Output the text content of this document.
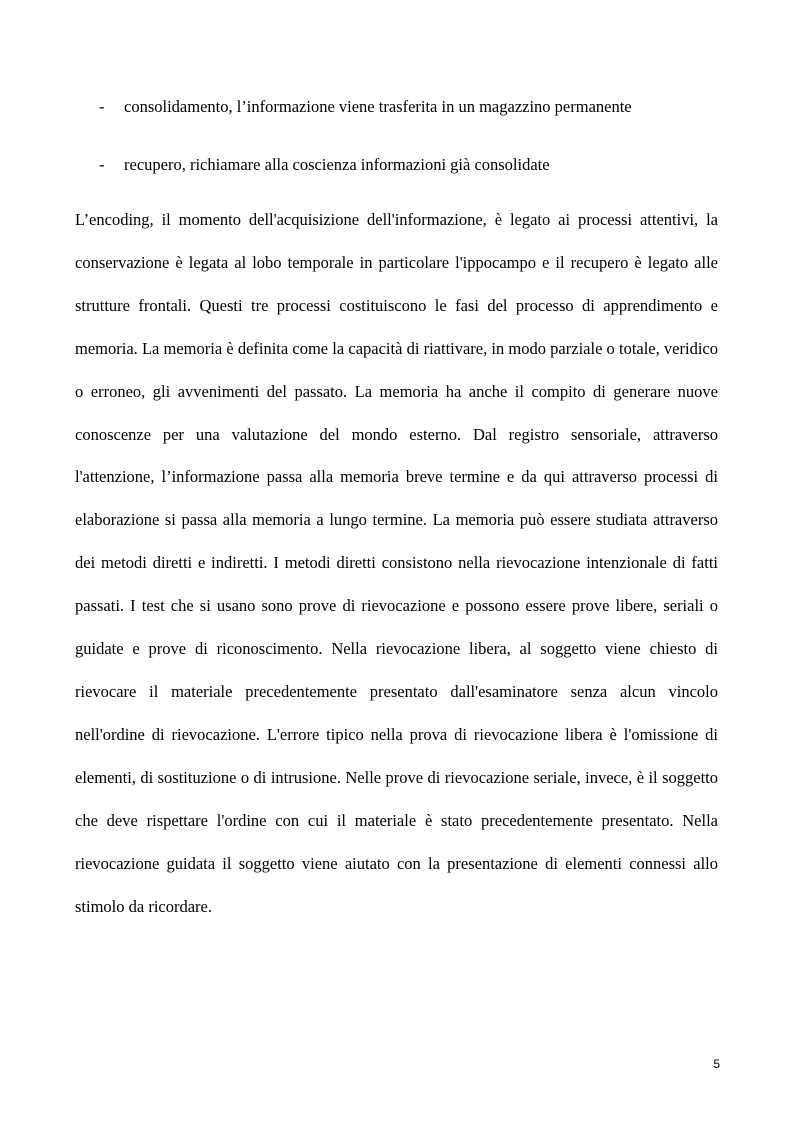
- consolidamento, l’informazione viene trasferita in un magazzino permanente
- recupero, richiamare alla coscienza informazioni già consolidate

L’encoding, il momento dell'acquisizione dell'informazione, è legato ai processi attentivi, la conservazione è legata al lobo temporale in particolare l'ippocampo e il recupero è legato alle strutture frontali. Questi tre processi costituiscono le fasi del processo di apprendimento e memoria. La memoria è definita come la capacità di riattivare, in modo parziale o totale, veridico o erroneo, gli avvenimenti del passato. La memoria ha anche il compito di generare nuove conoscenze per una valutazione del mondo esterno. Dal registro sensoriale, attraverso l'attenzione, l’informazione passa alla memoria breve termine e da qui attraverso processi di elaborazione si passa alla memoria a lungo termine. La memoria può essere studiata attraverso dei metodi diretti e indiretti. I metodi diretti consistono nella rievocazione intenzionale di fatti passati. I test che si usano sono prove di rievocazione e possono essere prove libere, seriali o guidate e prove di riconoscimento. Nella rievocazione libera, al soggetto viene chiesto di rievocare il materiale precedentemente presentato dall'esaminatore senza alcun vincolo nell'ordine di rievocazione. L'errore tipico nella prova di rievocazione libera è l'omissione di elementi, di sostituzione o di intrusione. Nelle prove di rievocazione seriale, invece, è il soggetto che deve rispettare l'ordine con cui il materiale è stato precedentemente presentato. Nella rievocazione guidata il soggetto viene aiutato con la presentazione di elementi connessi allo stimolo da ricordare.

5
